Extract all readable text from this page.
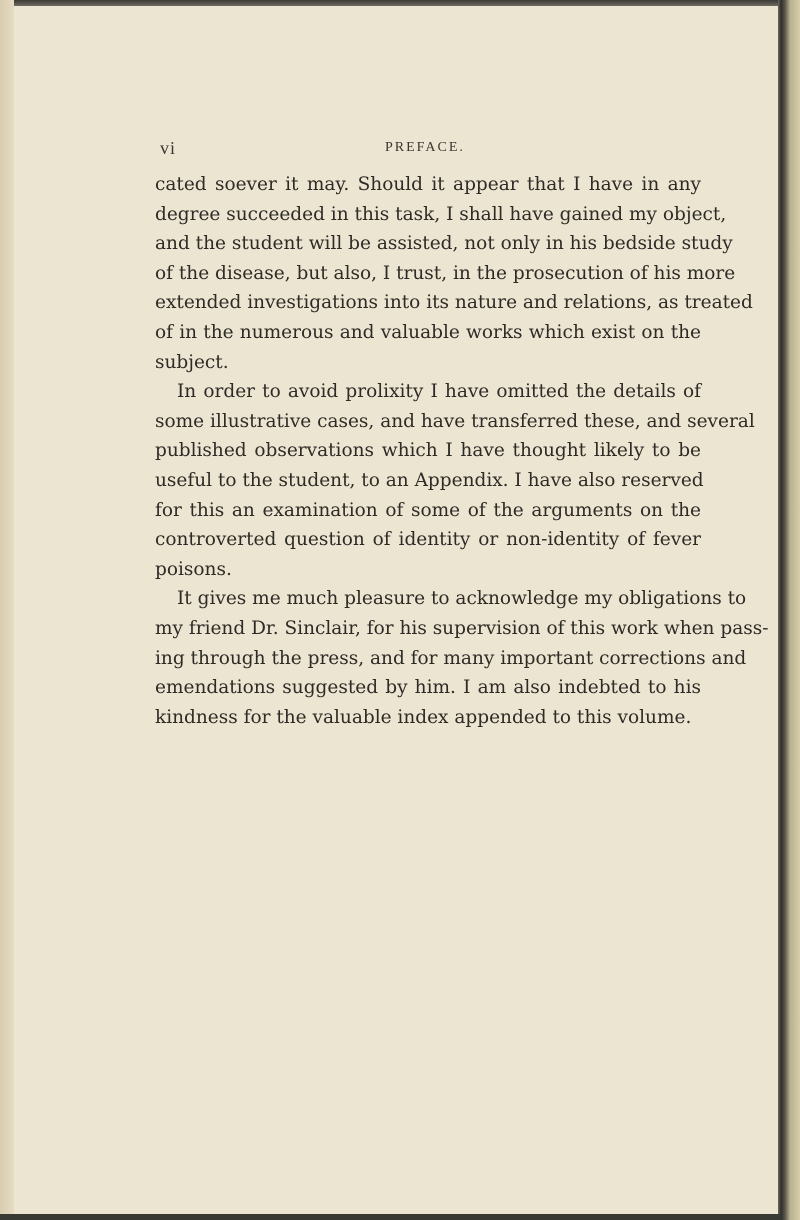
vi	PREFACE.

cated soever it may. Should it appear that I have in any
degree succeeded in this task, I shall have gained my object,
and the student will be assisted, not only in his bedside study
of the disease, but also, I trust, in the prosecution of his more
extended investigations into its nature and relations, as treated
of in the numerous and valuable works which exist on the
subject.

In order to avoid prolixity I have omitted the details of
some illustrative cases, and have transferred these, and several
published observations which I have thought likely to be
useful to the student, to an Appendix. I have also reserved
for this an examination of some of the arguments on the
controverted question of identity or non-identity of fever
poisons.

It gives me much pleasure to acknowledge my obligations to
my friend Dr. Sinclair, for his supervision of this work when pass-
ing through the press, and for many important corrections and
emendations suggested by him. I am also indebted to his
kindness for the valuable index appended to this volume.
